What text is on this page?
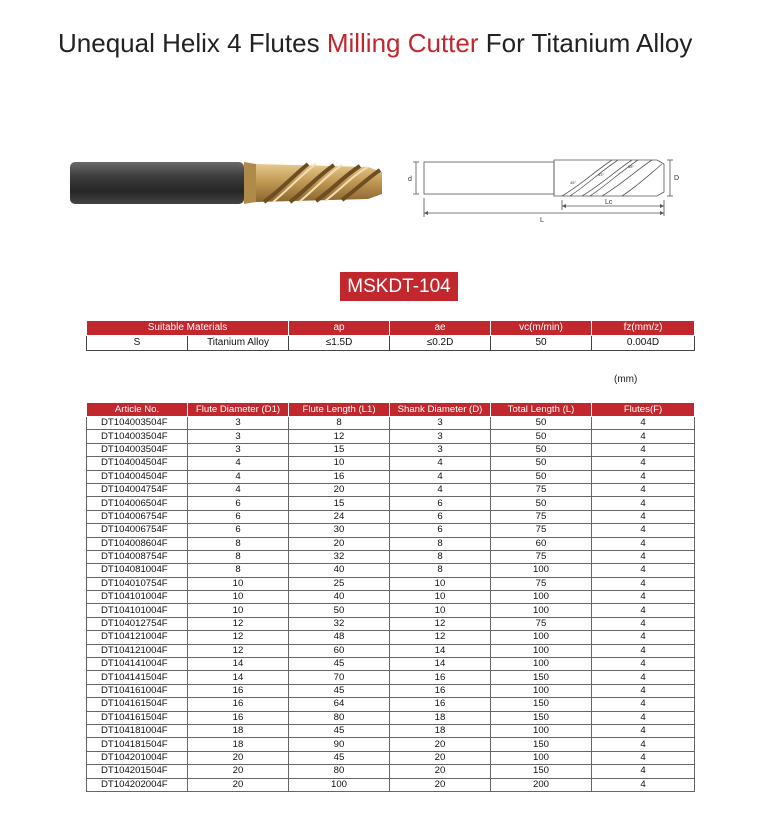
Unequal Helix 4 Flutes Milling Cutter For Titanium Alloy
d	D
Lc
L
45°
43°
38°
MSKDT-104
Suitable Materials		ap	ae	vc(m/min)	fz(mm/z)
S	Titanium Alloy	≤1.5D	≤0.2D	50	0.004D
(mm)
Article No.	Flute Diameter (D1)	Flute Length (L1)	Shank Diameter (D)	Total Length (L)	Flutes(F)
DT104003504F	3	8	3	50	4
DT104003504F	3	12	3	50	4
DT104003504F	3	15	3	50	4
DT104004504F	4	10	4	50	4
DT104004504F	4	16	4	50	4
DT104004754F	4	20	4	75	4
DT104006504F	6	15	6	50	4
DT104006754F	6	24	6	75	4
DT104006754F	6	30	6	75	4
DT104008604F	8	20	8	60	4
DT104008754F	8	32	8	75	4
DT104081004F	8	40	8	100	4
DT104010754F	10	25	10	75	4
DT104101004F	10	40	10	100	4
DT104101004F	10	50	10	100	4
DT104012754F	12	32	12	75	4
DT104121004F	12	48	12	100	4
DT104121004F	12	60	14	100	4
DT104141004F	14	45	14	100	4
DT104141504F	14	70	16	150	4
DT104161004F	16	45	16	100	4
DT104161504F	16	64	16	150	4
DT104161504F	16	80	18	150	4
DT104181004F	18	45	18	100	4
DT104181504F	18	90	20	150	4
DT104201004F	20	45	20	100	4
DT104201504F	20	80	20	150	4
DT104202004F	20	100	20	200	4
